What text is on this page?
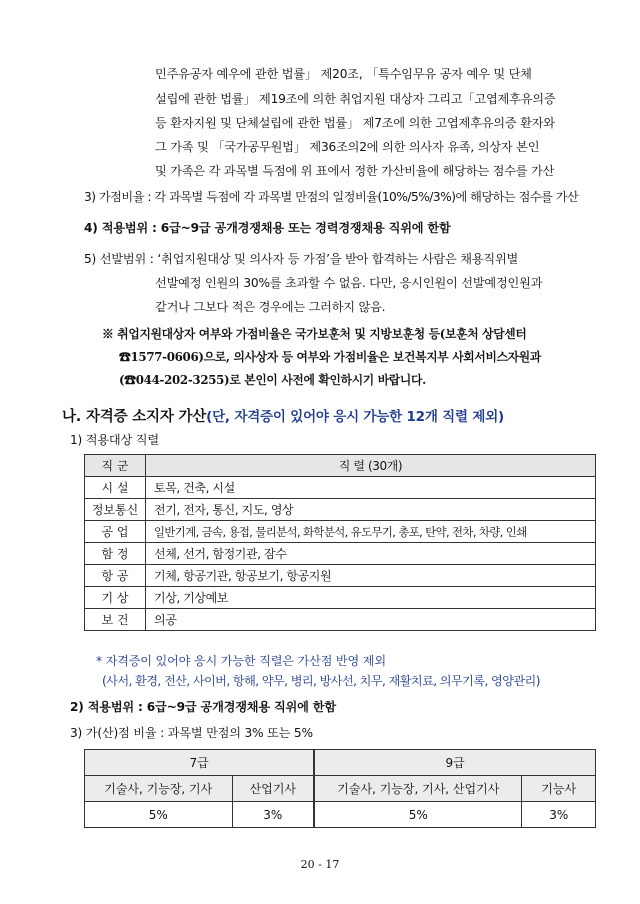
민주유공자 예우에 관한 법률」 제20조, 「특수임무유 공자 예우 및 단체
설립에 관한 법률」 제19조에 의한 취업지원 대상자 그리고「고엽제후유의증
등 환자지원 및 단체설립에 관한 법률」 제7조에 의한 고엽제후유의증 환자와
그 가족 및 「국가공무원법」 제36조의2에 의한 의사자 유족, 의상자 본인
및 가족은 각 과목별 득점에 위 표에서 정한 가산비율에 해당하는 점수를 가산
3) 가점비율 : 각 과목별 득점에 각 과목별 만점의 일정비율(10%/5%/3%)에 해당하는 점수를 가산
4) 적용범위 : 6급~9급 공개경쟁채용 또는 경력경쟁채용 직위에 한함
5) 선발범위 : ‘취업지원대상 및 의사자 등 가점’을 받아 합격하는 사람은 채용직위별
선발예정 인원의 30%를 초과할 수 없음. 다만, 응시인원이 선발예정인원과
같거나 그보다 적은 경우에는 그러하지 않음.
※ 취업지원대상자 여부와 가점비율은 국가보훈처 및 지방보훈청 등(보훈처 상담센터
☎1577-0606)으로, 의사상자 등 여부와 가점비율은 보건복지부 사회서비스자원과
(☎044-202-3255)로 본인이 사전에 확인하시기 바랍니다.
나. 자격증 소지자 가산(단, 자격증이 있어야 응시 가능한 12개 직렬 제외)
1) 적용대상 직렬
직 군	직 렬 (30개)
시 설	토목, 건축, 시설
정보통신	전기, 전자, 통신, 지도, 영상
공 업	일반기계, 금속, 용접, 물리분석, 화학분석, 유도무기, 총포, 탄약, 전차, 차량, 인쇄
함 정	선체, 선거, 함정기관, 잠수
항 공	기체, 항공기관, 항공보기, 항공지원
기 상	기상, 기상예보
보 건	의공
* 자격증이 있어야 응시 가능한 직렬은 가산점 반영 제외
(사서, 환경, 전산, 사이버, 항해, 약무, 병리, 방사선, 치무, 재활치료, 의무기록, 영양관리)
2) 적용범위 : 6급~9급 공개경쟁채용 직위에 한함
3) 가(산)점 비율 : 과목별 만점의 3% 또는 5%
7급		9급	
기술사, 기능장, 기사	산업기사	기술사, 기능장, 기사, 산업기사	기능사
5%	3%	5%	3%
20 - 17
